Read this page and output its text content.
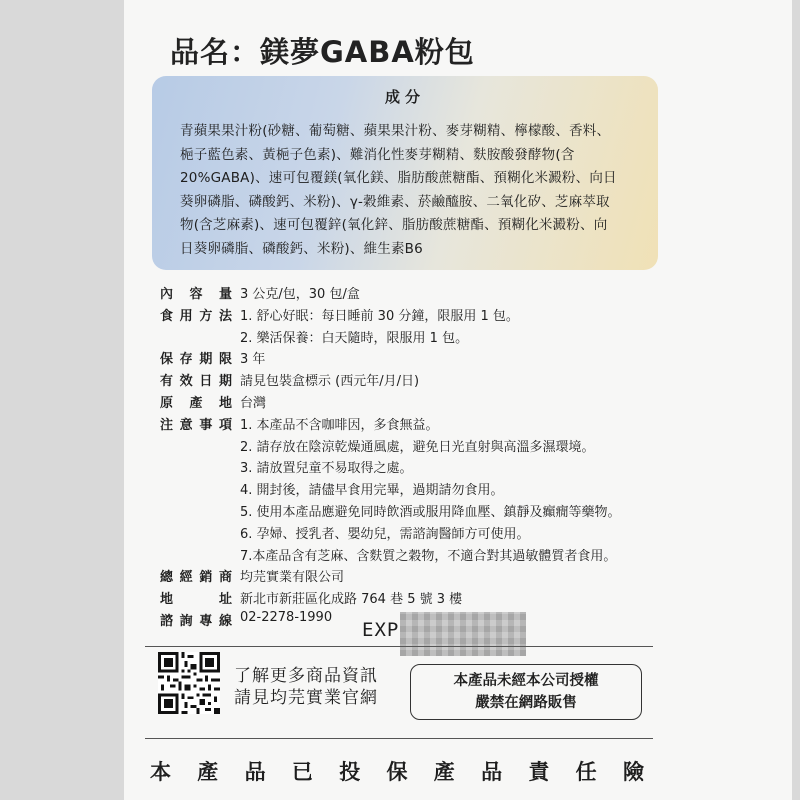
品名：鎂夢GABA粉包
成分
青蘋果果汁粉(砂糖、葡萄糖、蘋果果汁粉、麥芽糊精、檸檬酸、香料、
梔子藍色素、黃梔子色素)、難消化性麥芽糊精、麩胺酸發酵物(含
20%GABA)、速可包覆鎂(氧化鎂、脂肪酸蔗糖酯、預糊化米澱粉、向日
葵卵磷脂、磷酸鈣、米粉)、γ-穀維素、菸鹼醯胺、二氧化矽、芝麻萃取
物(含芝麻素)、速可包覆鋅(氧化鋅、脂肪酸蔗糖酯、預糊化米澱粉、向
日葵卵磷脂、磷酸鈣、米粉)、維生素B6
內 容 量 3 公克/包，30 包/盒
食 用 方 法 1. 舒心好眠：每日睡前 30 分鐘，限服用 1 包。
2. 樂活保養：白天隨時，限服用 1 包。
保 存 期 限 3 年
有 效 日 期 請見包裝盒標示 (西元年/月/日)
原 產 地 台灣
注 意 事 項 1. 本產品不含咖啡因，多食無益。
2. 請存放在陰涼乾燥通風處，避免日光直射與高溫多濕環境。
3. 請放置兒童不易取得之處。
4. 開封後，請儘早食用完畢，過期請勿食用。
5. 使用本產品應避免同時飲酒或服用降血壓、鎮靜及癲癇等藥物。
6. 孕婦、授乳者、嬰幼兒，需諮詢醫師方可使用。
7.本產品含有芝麻、含麩質之穀物，不適合對其過敏體質者食用。
總 經 銷 商 均芫實業有限公司
地	址 新北市新莊區化成路 764 巷 5 號 3 樓
諮 詢 專 線 02-2278-1990
EXP
了解更多商品資訊
請見均芫實業官網
本產品未經本公司授權
嚴禁在網路販售
本 產 品 已 投 保 產 品 責 任 險
